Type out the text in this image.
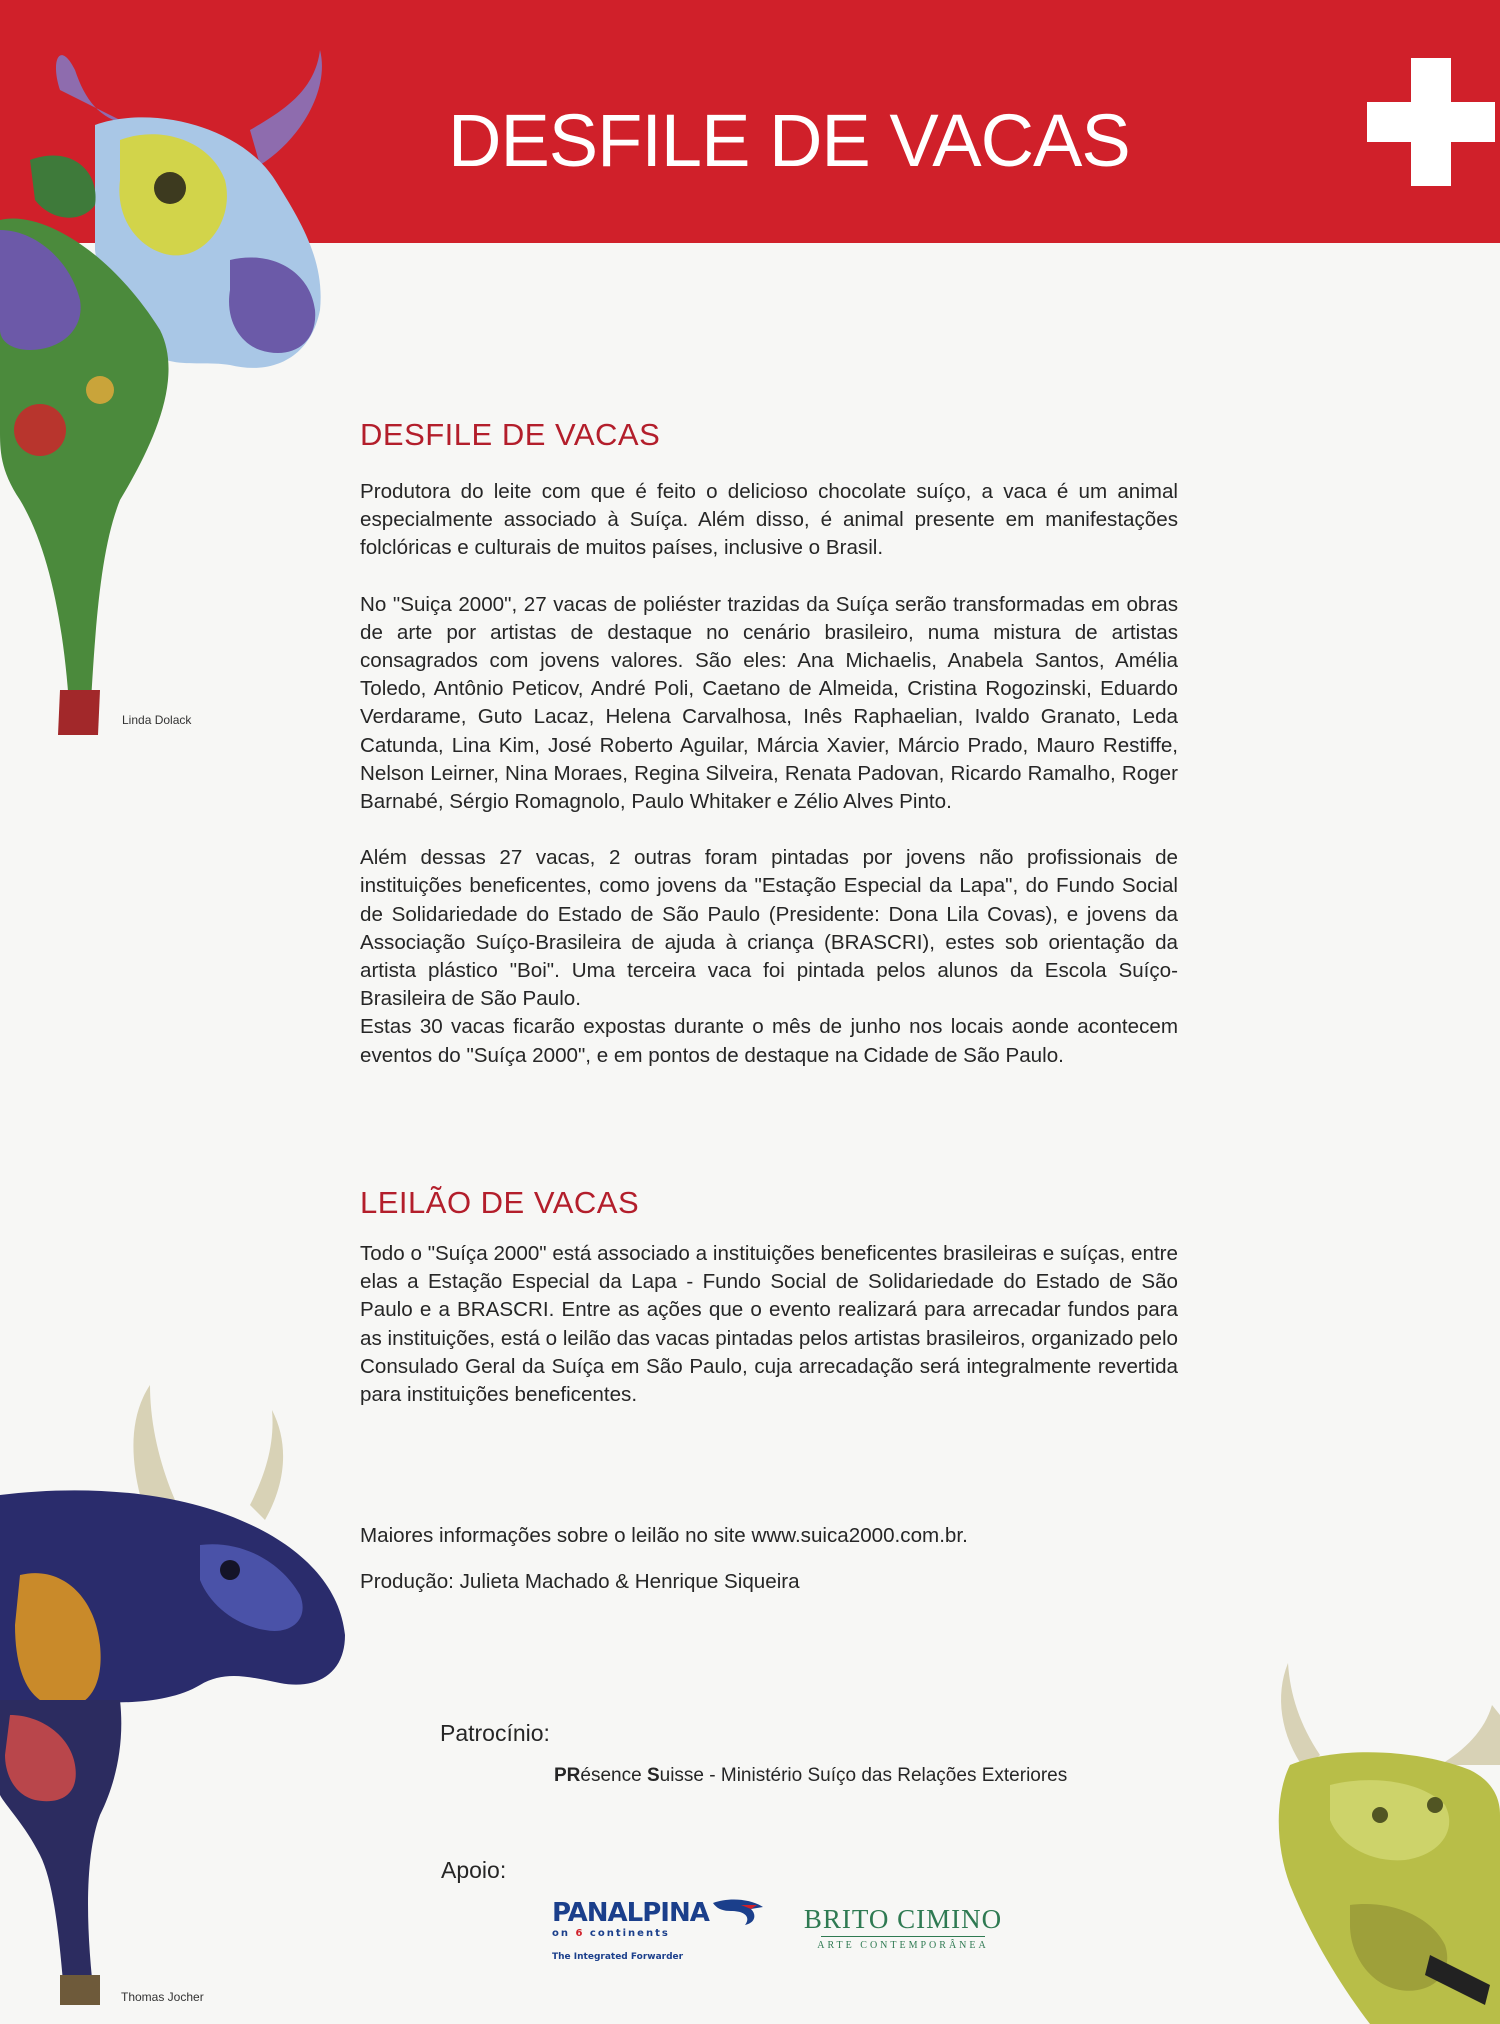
DESFILE DE VACAS
Linda Dolack
Thomas Jocher
DESFILE DE VACAS

Produtora do leite com que é feito o delicioso chocolate suíço, a vaca é um animal especialmente associado à Suíça. Além disso, é animal presente em manifestações folclóricas e culturais de muitos países, inclusive o Brasil.

No "Suiça 2000", 27 vacas de poliéster trazidas da Suíça serão transformadas em obras de arte por artistas de destaque no cenário brasileiro, numa mistura de artistas consagrados com jovens valores. São eles: Ana Michaelis, Anabela Santos, Amélia Toledo, Antônio Peticov, André Poli, Caetano de Almeida, Cristina Rogozinski, Eduardo Verdarame, Guto Lacaz, Helena Carvalhosa, Inês Raphaelian, Ivaldo Granato, Leda Catunda, Lina Kim, José Roberto Aguilar, Márcia Xavier, Márcio Prado, Mauro Restiffe, Nelson Leirner, Nina Moraes, Regina Silveira, Renata Padovan, Ricardo Ramalho, Roger Barnabé, Sérgio Romagnolo, Paulo Whitaker e Zélio Alves Pinto.

Além dessas 27 vacas, 2 outras foram pintadas por jovens não profissionais de instituições beneficentes, como jovens da "Estação Especial da Lapa", do Fundo Social de Solidariedade do Estado de São Paulo (Presidente: Dona Lila Covas), e jovens da Associação Suíço-Brasileira de ajuda à criança (BRASCRI), estes sob orientação da artista plástico "Boi". Uma terceira vaca foi pintada pelos alunos da Escola Suíço-Brasileira de São Paulo.

Estas 30 vacas ficarão expostas durante o mês de junho nos locais aonde acontecem eventos do "Suíça 2000", e em pontos de destaque na Cidade de São Paulo.

LEILÃO DE VACAS

Todo o "Suíça 2000" está associado a instituições beneficentes brasileiras e suíças, entre elas a Estação Especial da Lapa - Fundo Social de Solidariedade do Estado de São Paulo e a BRASCRI. Entre as ações que o evento realizará para arrecadar fundos para as instituições, está o leilão das vacas pintadas pelos artistas brasileiros, organizado pelo Consulado Geral da Suíça em São Paulo, cuja arrecadação será integralmente revertida para instituições beneficentes.

Maiores informações sobre o leilão no site www.suica2000.com.br.

Produção: Julieta Machado & Henrique Siqueira

Patrocínio:
PRésence Suisse - Ministério Suíço das Relações Exteriores
Apoio:
PANALPINA
on 6 continents
The Integrated Forwarder
BRITO CIMINO
ARTE CONTEMPORÂNEA
